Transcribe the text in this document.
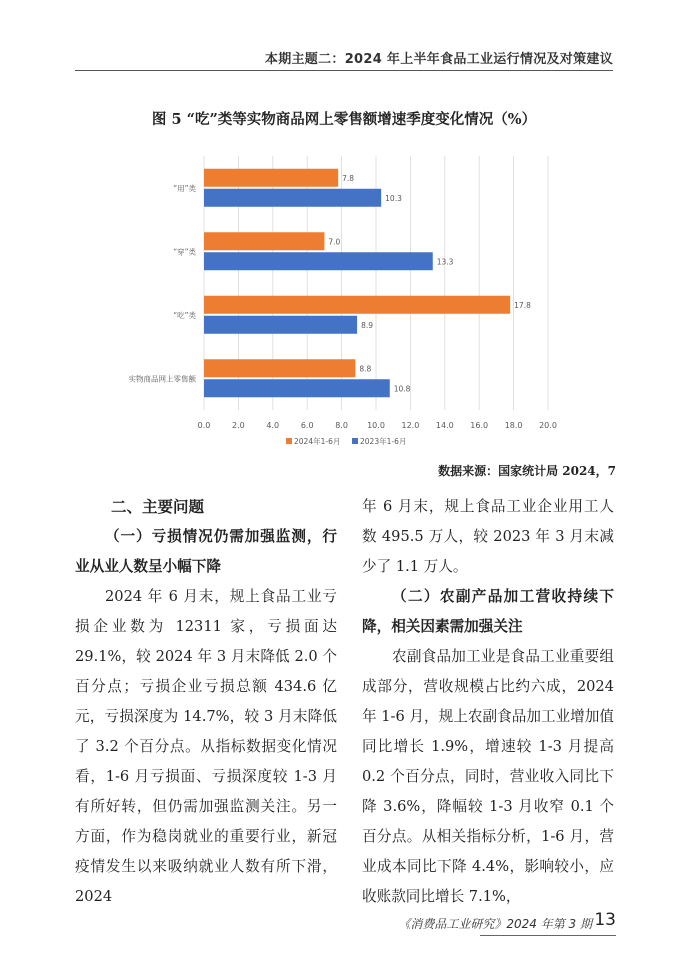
本期主题二：2024 年上半年食品工业运行情况及对策建议
图 5 “吃”类等实物商品网上零售额增速季度变化情况（%）
0.0	2.0	4.0	6.0	8.0 10.0 12.0 14.0 16.0 18.0 20.0
“用”类
7.8
10.3
“穿”类
7.0
13.3
“吃”类
17.8
8.9
实物商品网上零售额
8.8
10.8
2024年1-6月	2023年1-6月
数据来源：国家统计局 2024，7

二、主要问题

（一）亏损情况仍需加强监测，行业从业人数呈小幅下降

2024 年 6 月末，规上食品工业亏损企业数为 12311 家，亏损面达 29.1%，较 2024 年 3 月末降低 2.0 个百分点；亏损企业亏损总额 434.6 亿元，亏损深度为 14.7%，较 3 月末降低了 3.2 个百分点。从指标数据变化情况看，1-6 月亏损面、亏损深度较 1-3 月有所好转，但仍需加强监测关注。另一方面，作为稳岗就业的重要行业，新冠疫情发生以来吸纳就业人数有所下滑，2024

年 6 月末，规上食品工业企业用工人数 495.5 万人，较 2023 年 3 月末减少了 1.1 万人。

（二）农副产品加工营收持续下降，相关因素需加强关注

农副食品加工业是食品工业重要组成部分，营收规模占比约六成，2024 年 1-6 月，规上农副食品加工业增加值同比增长 1.9%，增速较 1-3 月提高 0.2 个百分点，同时，营业收入同比下降 3.6%，降幅较 1-3 月收窄 0.1 个百分点。从相关指标分析，1-6 月，营业成本同比下降 4.4%，影响较小，应收账款同比增长 7.1%，

《消费品工业研究》2024 年第 3 期 13
